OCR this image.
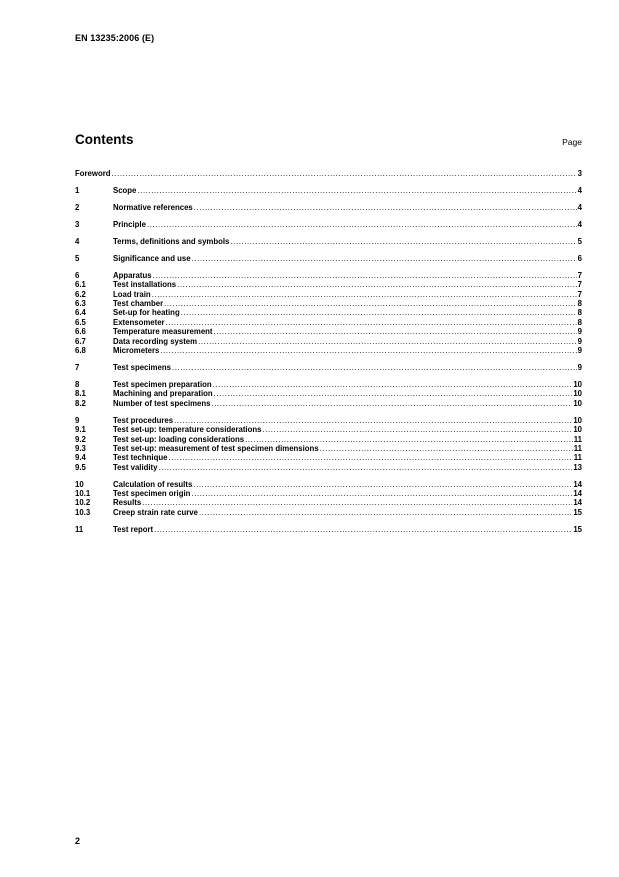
EN 13235:2006 (E)
Contents	Page
Foreword .....	3
1	Scope .....	4
2	Normative references .....	4
3	Principle .....	4
4	Terms, definitions and symbols .....	5
5	Significance and use .....	6
6	Apparatus .....	7
6.1	Test installations .....	7
6.2	Load train .....	7
6.3	Test chamber .....	8
6.4	Set-up for heating .....	8
6.5	Extensometer .....	8
6.6	Temperature measurement .....	9
6.7	Data recording system .....	9
6.8	Micrometers .....	9
7	Test specimens .....	9
8	Test specimen preparation .....	10
8.1	Machining and preparation .....	10
8.2	Number of test specimens .....	10
9	Test procedures .....	10
9.1	Test set-up: temperature considerations .....	10
9.2	Test set-up: loading considerations .....	11
9.3	Test set-up: measurement of test specimen dimensions .....	11
9.4	Test technique .....	11
9.5	Test validity .....	13
10	Calculation of results .....	14
10.1	Test specimen origin .....	14
10.2	Results .....	14
10.3	Creep strain rate curve .....	15
11	Test report .....	15
2
